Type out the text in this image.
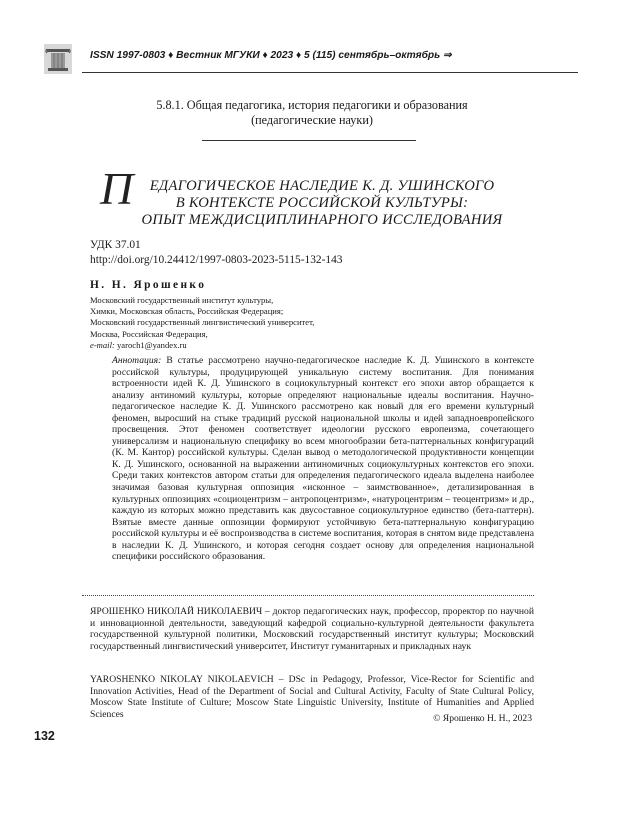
ISSN 1997-0803 ♦ Вестник МГУКИ ♦ 2023 ♦ 5 (115) сентябрь–октябрь ⇒
5.8.1. Общая педагогика, история педагогики и образования
(педагогические науки)
П	ЕДАГОГИЧЕСКОЕ НАСЛЕДИЕ К. Д. УШИНСКОГО
В КОНТЕКСТЕ РОССИЙСКОЙ КУЛЬТУРЫ:
ОПЫТ МЕЖДИСЦИПЛИНАРНОГО ИССЛЕДОВАНИЯ
УДК 37.01
http://doi.org/10.24412/1997-0803-2023-5115-132-143
Н. Н. Ярошенко
Московский государственный институт культуры,
Химки, Московская область, Российская Федерация;
Московский государственный лингвистический университет,
Москва, Российская Федерация,
e-mail: yaroch1@yandex.ru
Аннотация: В статье рассмотрено научно-педагогическое наследие К. Д. Ушинского в контексте российской культуры, продуцирующей уникальную систему воспитания. Для понимания встроенности идей К. Д. Ушинского в социокультурный контекст его эпохи автор обращается к анализу антиномий культуры, которые определяют национальные идеалы воспитания. Научно-педагогическое наследие К. Д. Ушинского рассмотрено как новый для его времени культурный феномен, выросший на стыке традиций русской национальной школы и идей западноевропейского просвещения. Этот феномен соответствует идеологии русского европеизма, сочетающего универсализм и национальную специфику во всем многообразии бета-паттернальных конфигураций (К. М. Кантор) российской культуры. Сделан вывод о методологической продуктивности концепции К. Д. Ушинского, основанной на выражении антиномичных социокультурных контекстов его эпохи. Среди таких контекстов автором статьи для определения педагогического идеала выделена наиболее значимая базовая культурная оппозиция «исконное – заимствованное», детализированная в культурных оппозициях «социоцентризм – антропоцентризм», «натуроцентризм – теоцентризм» и др., каждую из которых можно представить как двусоставное социокультурное единство (бета-паттерн). Взятые вместе данные оппозиции формируют устойчивую бета-паттернальную конфигурацию российской культуры и её воспроизводства в системе воспитания, которая в снятом виде представлена в наследии К. Д. Ушинского, и которая сегодня создает основу для определения национальной специфики российского образования.
ЯРОШЕНКО НИКОЛАЙ НИКОЛАЕВИЧ – доктор педагогических наук, профессор, проректор по научной и инновационной деятельности, заведующий кафедрой социально-культурной деятельности факультета государственной культурной политики, Московский государственный институт культуры; Московский государственный лингвистический университет, Институт гуманитарных и прикладных наук
YAROSHENKO NIKOLAY NIKOLAEVICH – DSc in Pedagogy, Professor, Vice-Rector for Scientific and Innovation Activities, Head of the Department of Social and Cultural Activity, Faculty of State Cultural Policy, Moscow State Institute of Culture; Moscow State Linguistic University, Institute of Humanities and Applied Sciences	© Ярошенко Н. Н., 2023
132
